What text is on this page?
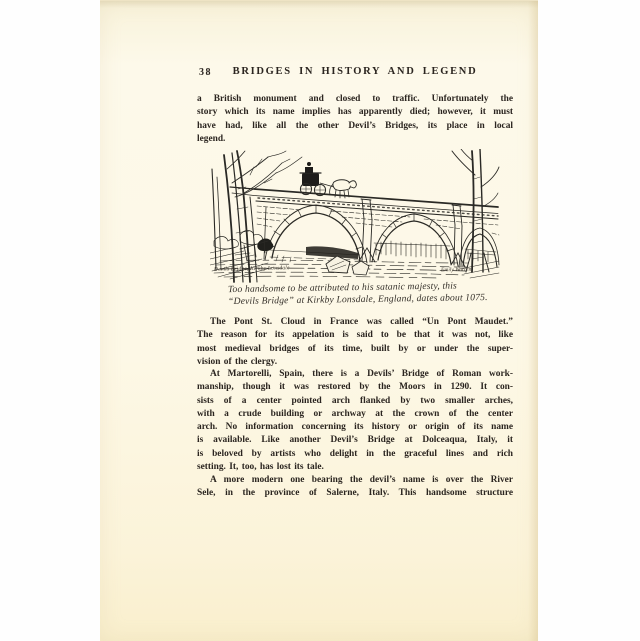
38	BRIDGES IN HISTORY AND LEGEND
a British monument and closed to traffic. Unfortunately the
story which its name implies has apparently died; however, it must
have had, like all the other Devil’s Bridges, its place in local
legend.
Devils Bridge, Kirkby Lonsdale	Emily Warren
Too handsome to be attributed to his satanic majesty, this
“Devils Bridge” at Kirkby Lonsdale, England, dates about 1075.
The Pont St. Cloud in France was called “Un Pont Maudet.”
The reason for its appelation is said to be that it was not, like
most medieval bridges of its time, built by or under the super-
vision of the clergy.
At Martorelli, Spain, there is a Devils’ Bridge of Roman work-
manship, though it was restored by the Moors in 1290. It con-
sists of a center pointed arch flanked by two smaller arches,
with a crude building or archway at the crown of the center
arch. No information concerning its history or origin of its name
is available. Like another Devil’s Bridge at Dolceaqua, Italy, it
is beloved by artists who delight in the graceful lines and rich
setting. It, too, has lost its tale.
A more modern one bearing the devil’s name is over the River
Sele, in the province of Salerne, Italy. This handsome structure
